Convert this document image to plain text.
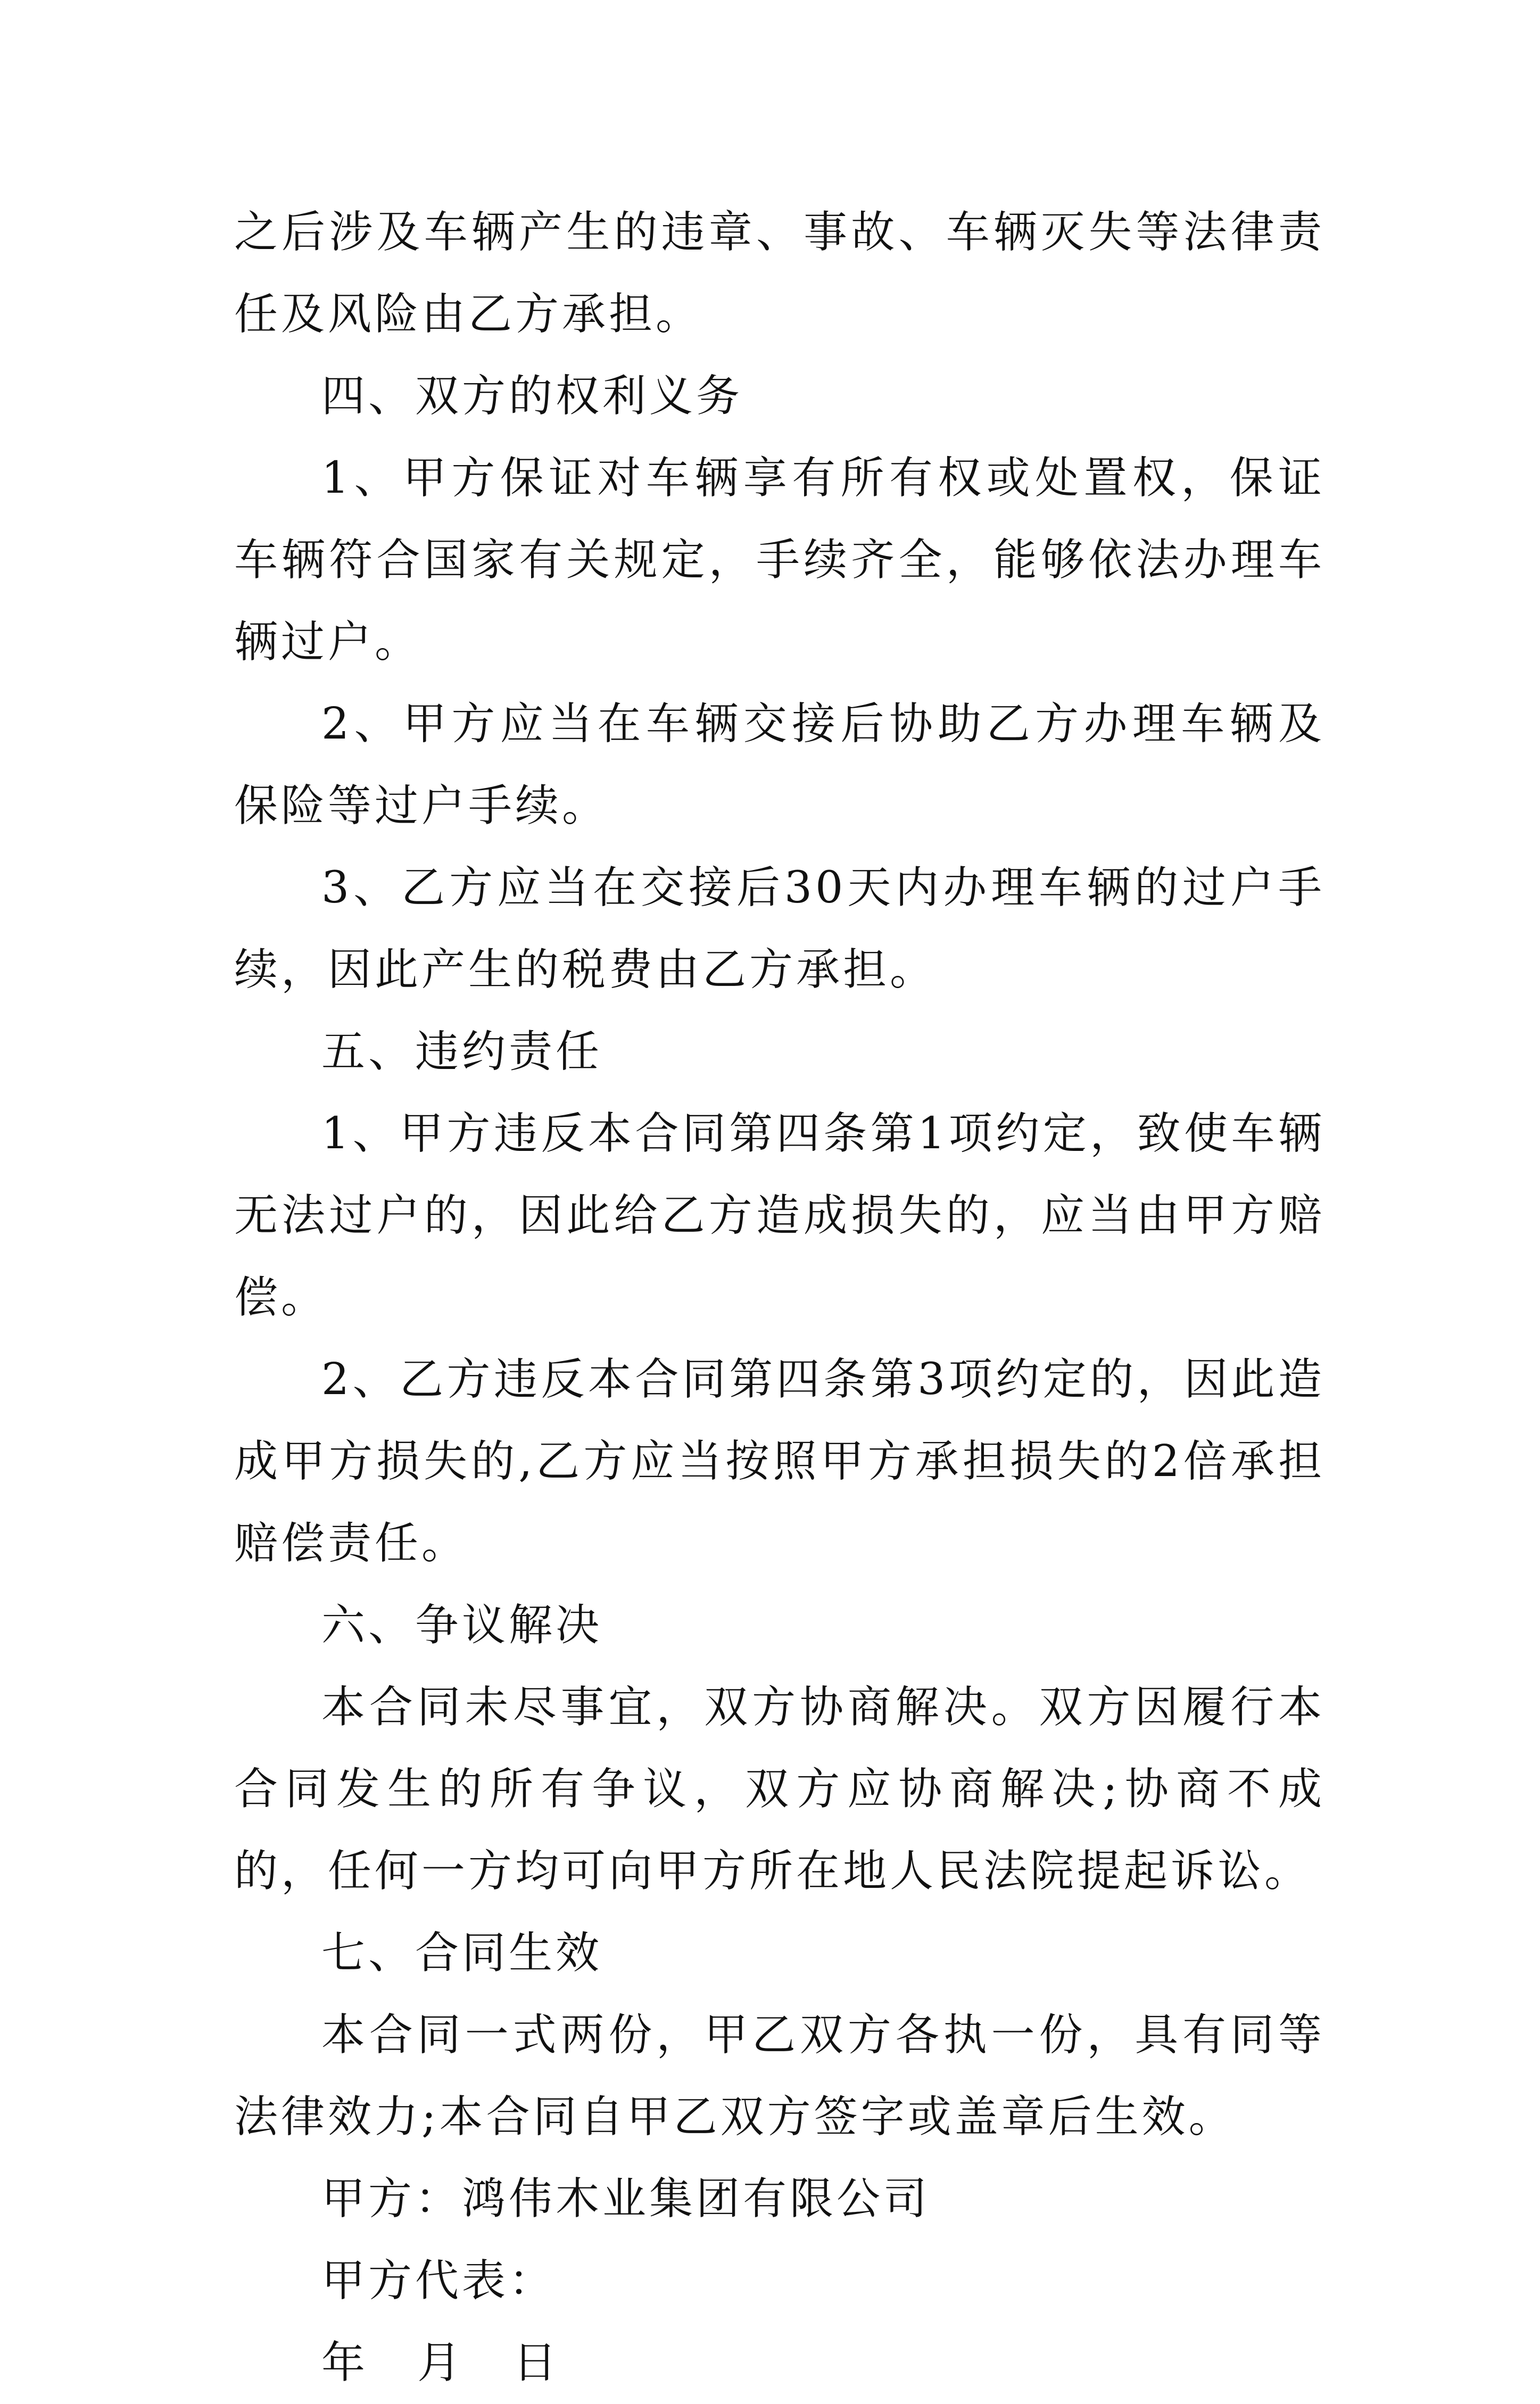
之后涉及车辆产生的违章、事故、车辆灭失等法律责任及风险由乙方承担。

四、双方的权利义务

1、甲方保证对车辆享有所有权或处置权，保证车辆符合国家有关规定，手续齐全，能够依法办理车辆过户。

2、甲方应当在车辆交接后协助乙方办理车辆及保险等过户手续。

3、乙方应当在交接后30天内办理车辆的过户手续，因此产生的税费由乙方承担。

五、违约责任

1、甲方违反本合同第四条第1项约定，致使车辆无法过户的，因此给乙方造成损失的，应当由甲方赔偿。

2、乙方违反本合同第四条第3项约定的，因此造成甲方损失的,乙方应当按照甲方承担损失的2倍承担赔偿责任。

六、争议解决

本合同未尽事宜，双方协商解决。双方因履行本合同发生的所有争议，双方应协商解决;协商不成的，任何一方均可向甲方所在地人民法院提起诉讼。

七、合同生效

本合同一式两份，甲乙双方各执一份，具有同等法律效力;本合同自甲乙双方签字或盖章后生效。

甲方：鸿伟木业集团有限公司

甲方代表：

年 月 日
